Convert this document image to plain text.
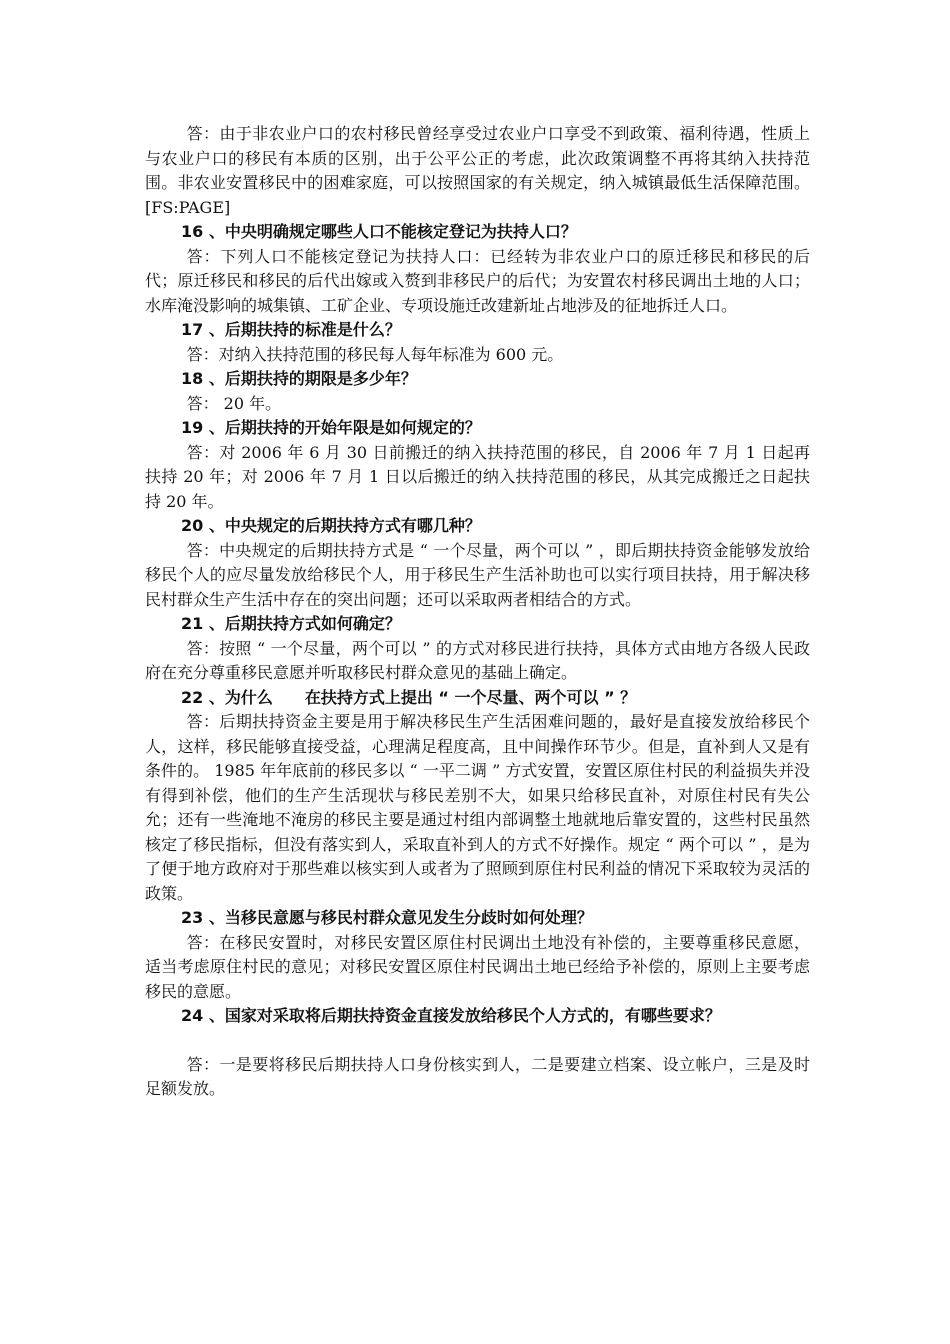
答：由于非农业户口的农村移民曾经享受过农业户口享受不到政策、福利待遇，性质上与农业户口的移民有本质的区别，出于公平公正的考虑，此次政策调整不再将其纳入扶持范围。非农业安置移民中的困难家庭，可以按照国家的有关规定，纳入城镇最低生活保障范围。 [FS:PAGE]

16 、中央明确规定哪些人口不能核定登记为扶持人口？

答：下列人口不能核定登记为扶持人口：已经转为非农业户口的原迁移民和移民的后代；原迁移民和移民的后代出嫁或入赘到非移民户的后代；为安置农村移民调出土地的人口；水库淹没影响的城集镇、工矿企业、专项设施迁改建新址占地涉及的征地拆迁人口。

17 、后期扶持的标准是什么？

答：对纳入扶持范围的移民每人每年标准为 600 元。

18 、后期扶持的期限是多少年？

答： 20 年。

19 、后期扶持的开始年限是如何规定的？

答：对 2006 年 6 月 30 日前搬迁的纳入扶持范围的移民，自 2006 年 7 月 1 日起再扶持 20 年；对 2006 年 7 月 1 日以后搬迁的纳入扶持范围的移民，从其完成搬迁之日起扶持 20 年。

20 、中央规定的后期扶持方式有哪几种？

答：中央规定的后期扶持方式是 “ 一个尽量，两个可以 ” ，即后期扶持资金能够发放给移民个人的应尽量发放给移民个人，用于移民生产生活补助也可以实行项目扶持，用于解决移民村群众生产生活中存在的突出问题；还可以采取两者相结合的方式。

21 、后期扶持方式如何确定？

答：按照 “ 一个尽量，两个可以 ” 的方式对移民进行扶持，具体方式由地方各级人民政府在充分尊重移民意愿并听取移民村群众意见的基础上确定。

22 、为什么　　在扶持方式上提出 “ 一个尽量、两个可以 ” ？

答：后期扶持资金主要是用于解决移民生产生活困难问题的，最好是直接发放给移民个人，这样，移民能够直接受益，心理满足程度高，且中间操作环节少。但是，直补到人又是有条件的。 1985 年年底前的移民多以 “ 一平二调 ” 方式安置，安置区原住村民的利益损失并没有得到补偿，他们的生产生活现状与移民差别不大，如果只给移民直补，对原住村民有失公允；还有一些淹地不淹房的移民主要是通过村组内部调整土地就地后靠安置的，这些村民虽然核定了移民指标，但没有落实到人，采取直补到人的方式不好操作。规定 “ 两个可以 ” ，是为了便于地方政府对于那些难以核实到人或者为了照顾到原住村民利益的情况下采取较为灵活的政策。

23 、当移民意愿与移民村群众意见发生分歧时如何处理？

答：在移民安置时，对移民安置区原住村民调出土地没有补偿的，主要尊重移民意愿，适当考虑原住村民的意见；对移民安置区原住村民调出土地已经给予补偿的，原则上主要考虑移民的意愿。

24 、国家对采取将后期扶持资金直接发放给移民个人方式的，有哪些要求？

答：一是要将移民后期扶持人口身份核实到人，二是要建立档案、设立帐户，三是及时足额发放。
